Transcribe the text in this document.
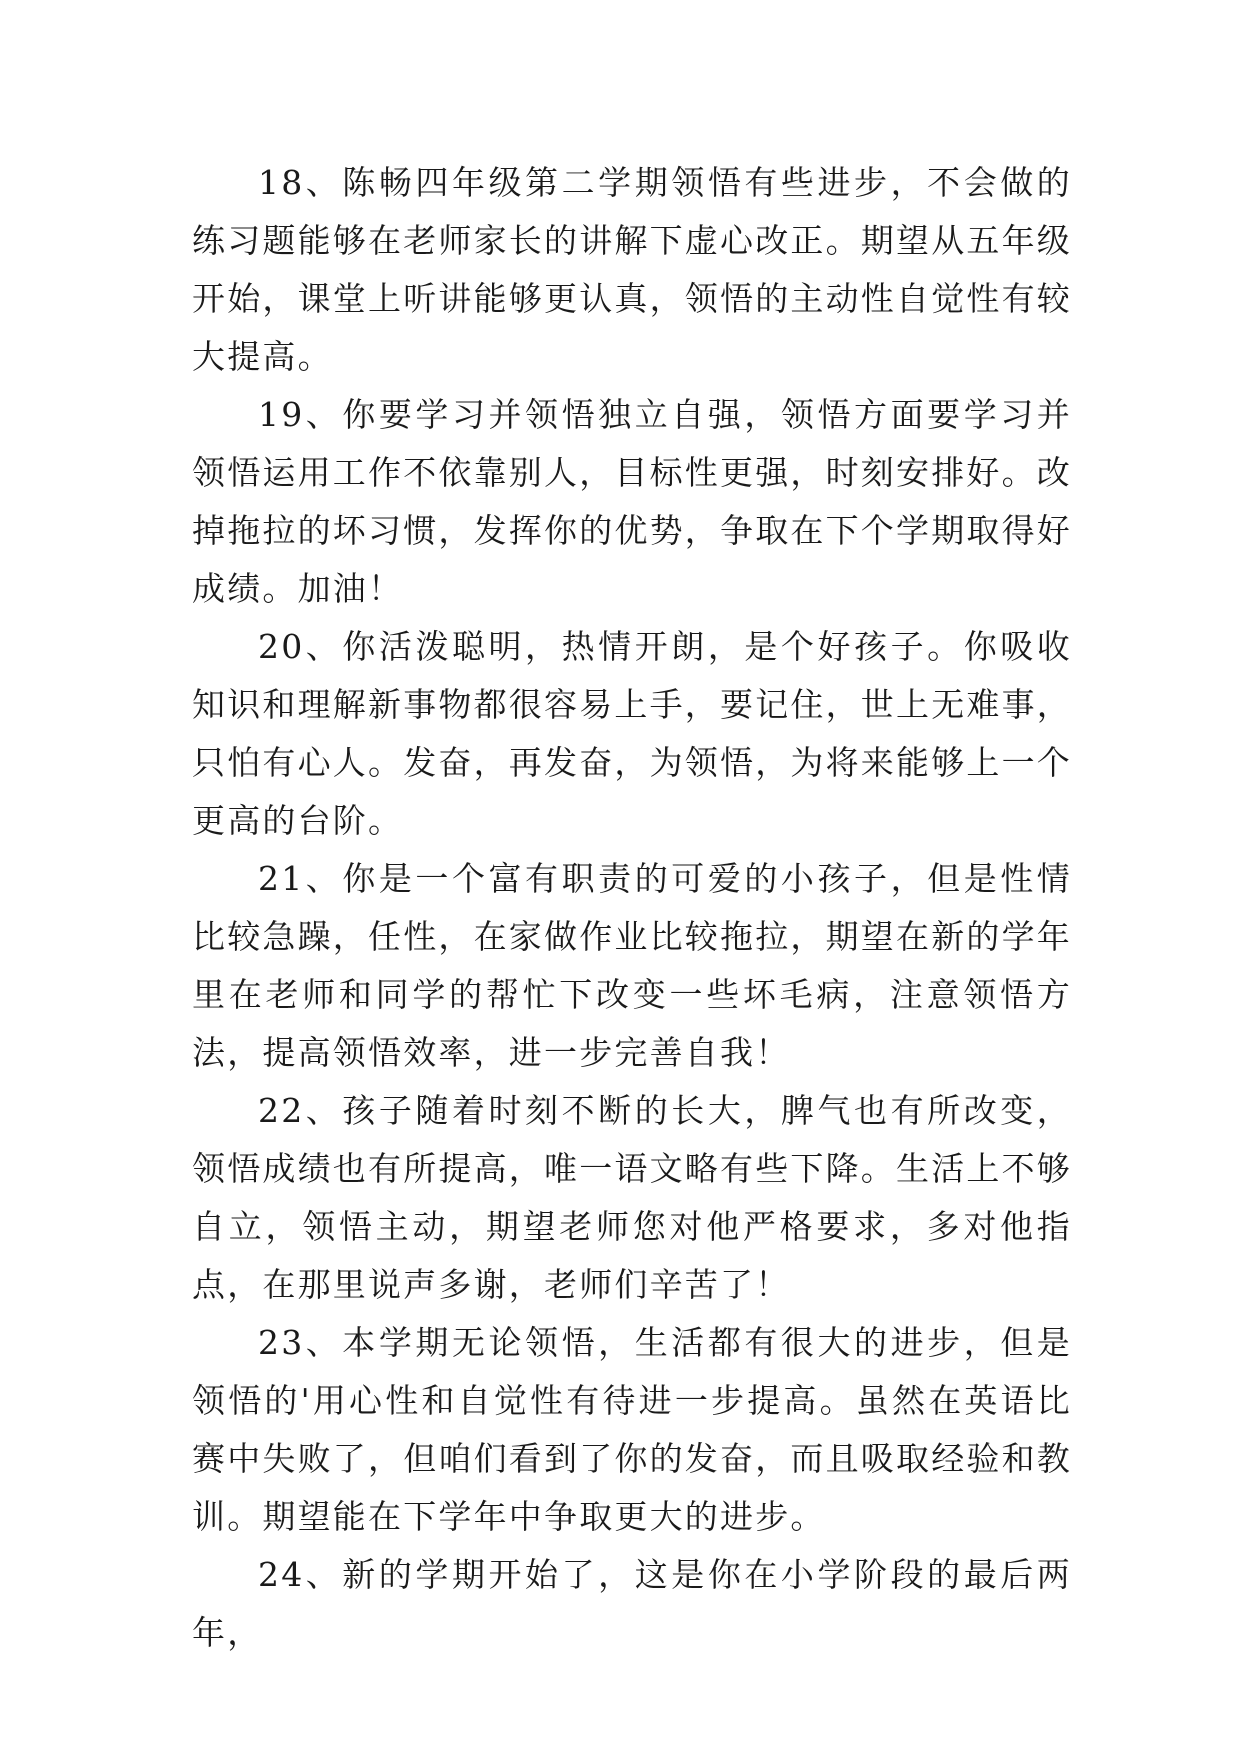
18、陈畅四年级第二学期领悟有些进步，不会做的练习题能够在老师家长的讲解下虚心改正。期望从五年级开始，课堂上听讲能够更认真，领悟的主动性自觉性有较大提高。

19、你要学习并领悟独立自强，领悟方面要学习并领悟运用工作不依靠别人，目标性更强，时刻安排好。改掉拖拉的坏习惯，发挥你的优势，争取在下个学期取得好成绩。加油！

20、你活泼聪明，热情开朗，是个好孩子。你吸收知识和理解新事物都很容易上手，要记住，世上无难事，只怕有心人。发奋，再发奋，为领悟，为将来能够上一个更高的台阶。

21、你是一个富有职责的可爱的小孩子，但是性情比较急躁，任性，在家做作业比较拖拉，期望在新的学年里在老师和同学的帮忙下改变一些坏毛病，注意领悟方法，提高领悟效率，进一步完善自我！

22、孩子随着时刻不断的长大，脾气也有所改变，领悟成绩也有所提高，唯一语文略有些下降。生活上不够自立，领悟主动，期望老师您对他严格要求，多对他指点，在那里说声多谢，老师们辛苦了！

23、本学期无论领悟，生活都有很大的进步，但是领悟的'用心性和自觉性有待进一步提高。虽然在英语比赛中失败了，但咱们看到了你的发奋，而且吸取经验和教训。期望能在下学年中争取更大的进步。

24、新的学期开始了，这是你在小学阶段的最后两年，
